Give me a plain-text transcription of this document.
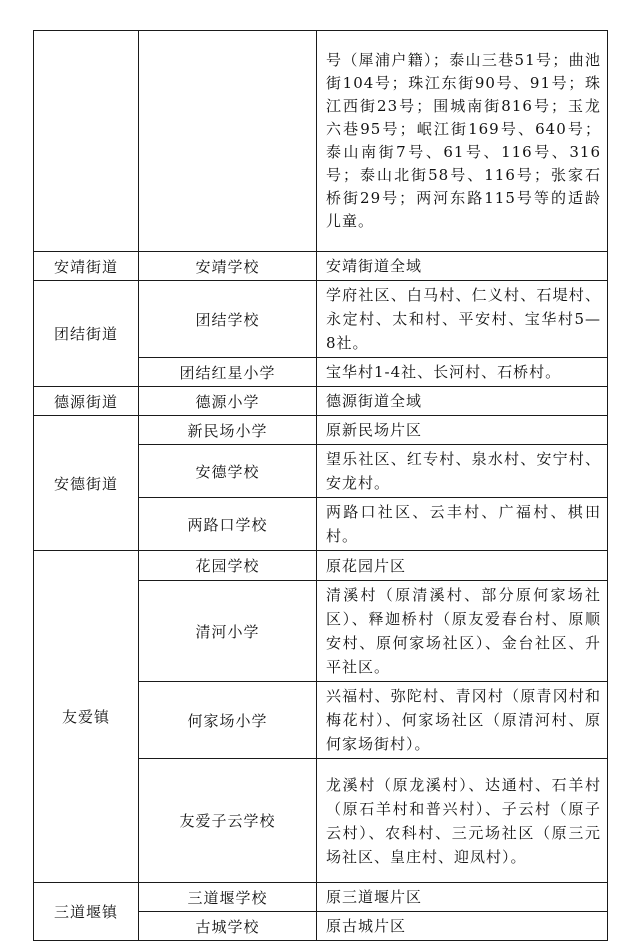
		号（犀浦户籍）；泰山三巷51号；曲池街104号；珠江东街90号、91号；珠江西街23号；围城南街816号；玉龙六巷95号；岷江街169号、640号；泰山南街7号、61号、116号、316号；泰山北街58号、116号；张家石桥街29号；两河东路115号等的适龄儿童。
安靖街道	安靖学校	安靖街道全域
团结街道	团结学校	学府社区、白马村、仁义村、石堤村、永定村、太和村、平安村、宝华村5—8社。
	团结红星小学	宝华村1-4社、长河村、石桥村。
德源街道	德源小学	德源街道全域
安德街道	新民场小学	原新民场片区
	安德学校	望乐社区、红专村、泉水村、安宁村、安龙村。
	两路口学校	两路口社区、云丰村、广福村、棋田村。
友爱镇	花园学校	原花园片区
	清河小学	清溪村（原清溪村、部分原何家场社区）、释迦桥村（原友爱春台村、原顺安村、原何家场社区）、金台社区、升平社区。
	何家场小学	兴福村、弥陀村、青冈村（原青冈村和梅花村）、何家场社区（原清河村、原何家场街村）。
	友爱子云学校	龙溪村（原龙溪村）、达通村、石羊村（原石羊村和普兴村）、子云村（原子云村）、农科村、三元场社区（原三元场社区、皇庄村、迎凤村）。
三道堰镇	三道堰学校	原三道堰片区
	古城学校	原古城片区
